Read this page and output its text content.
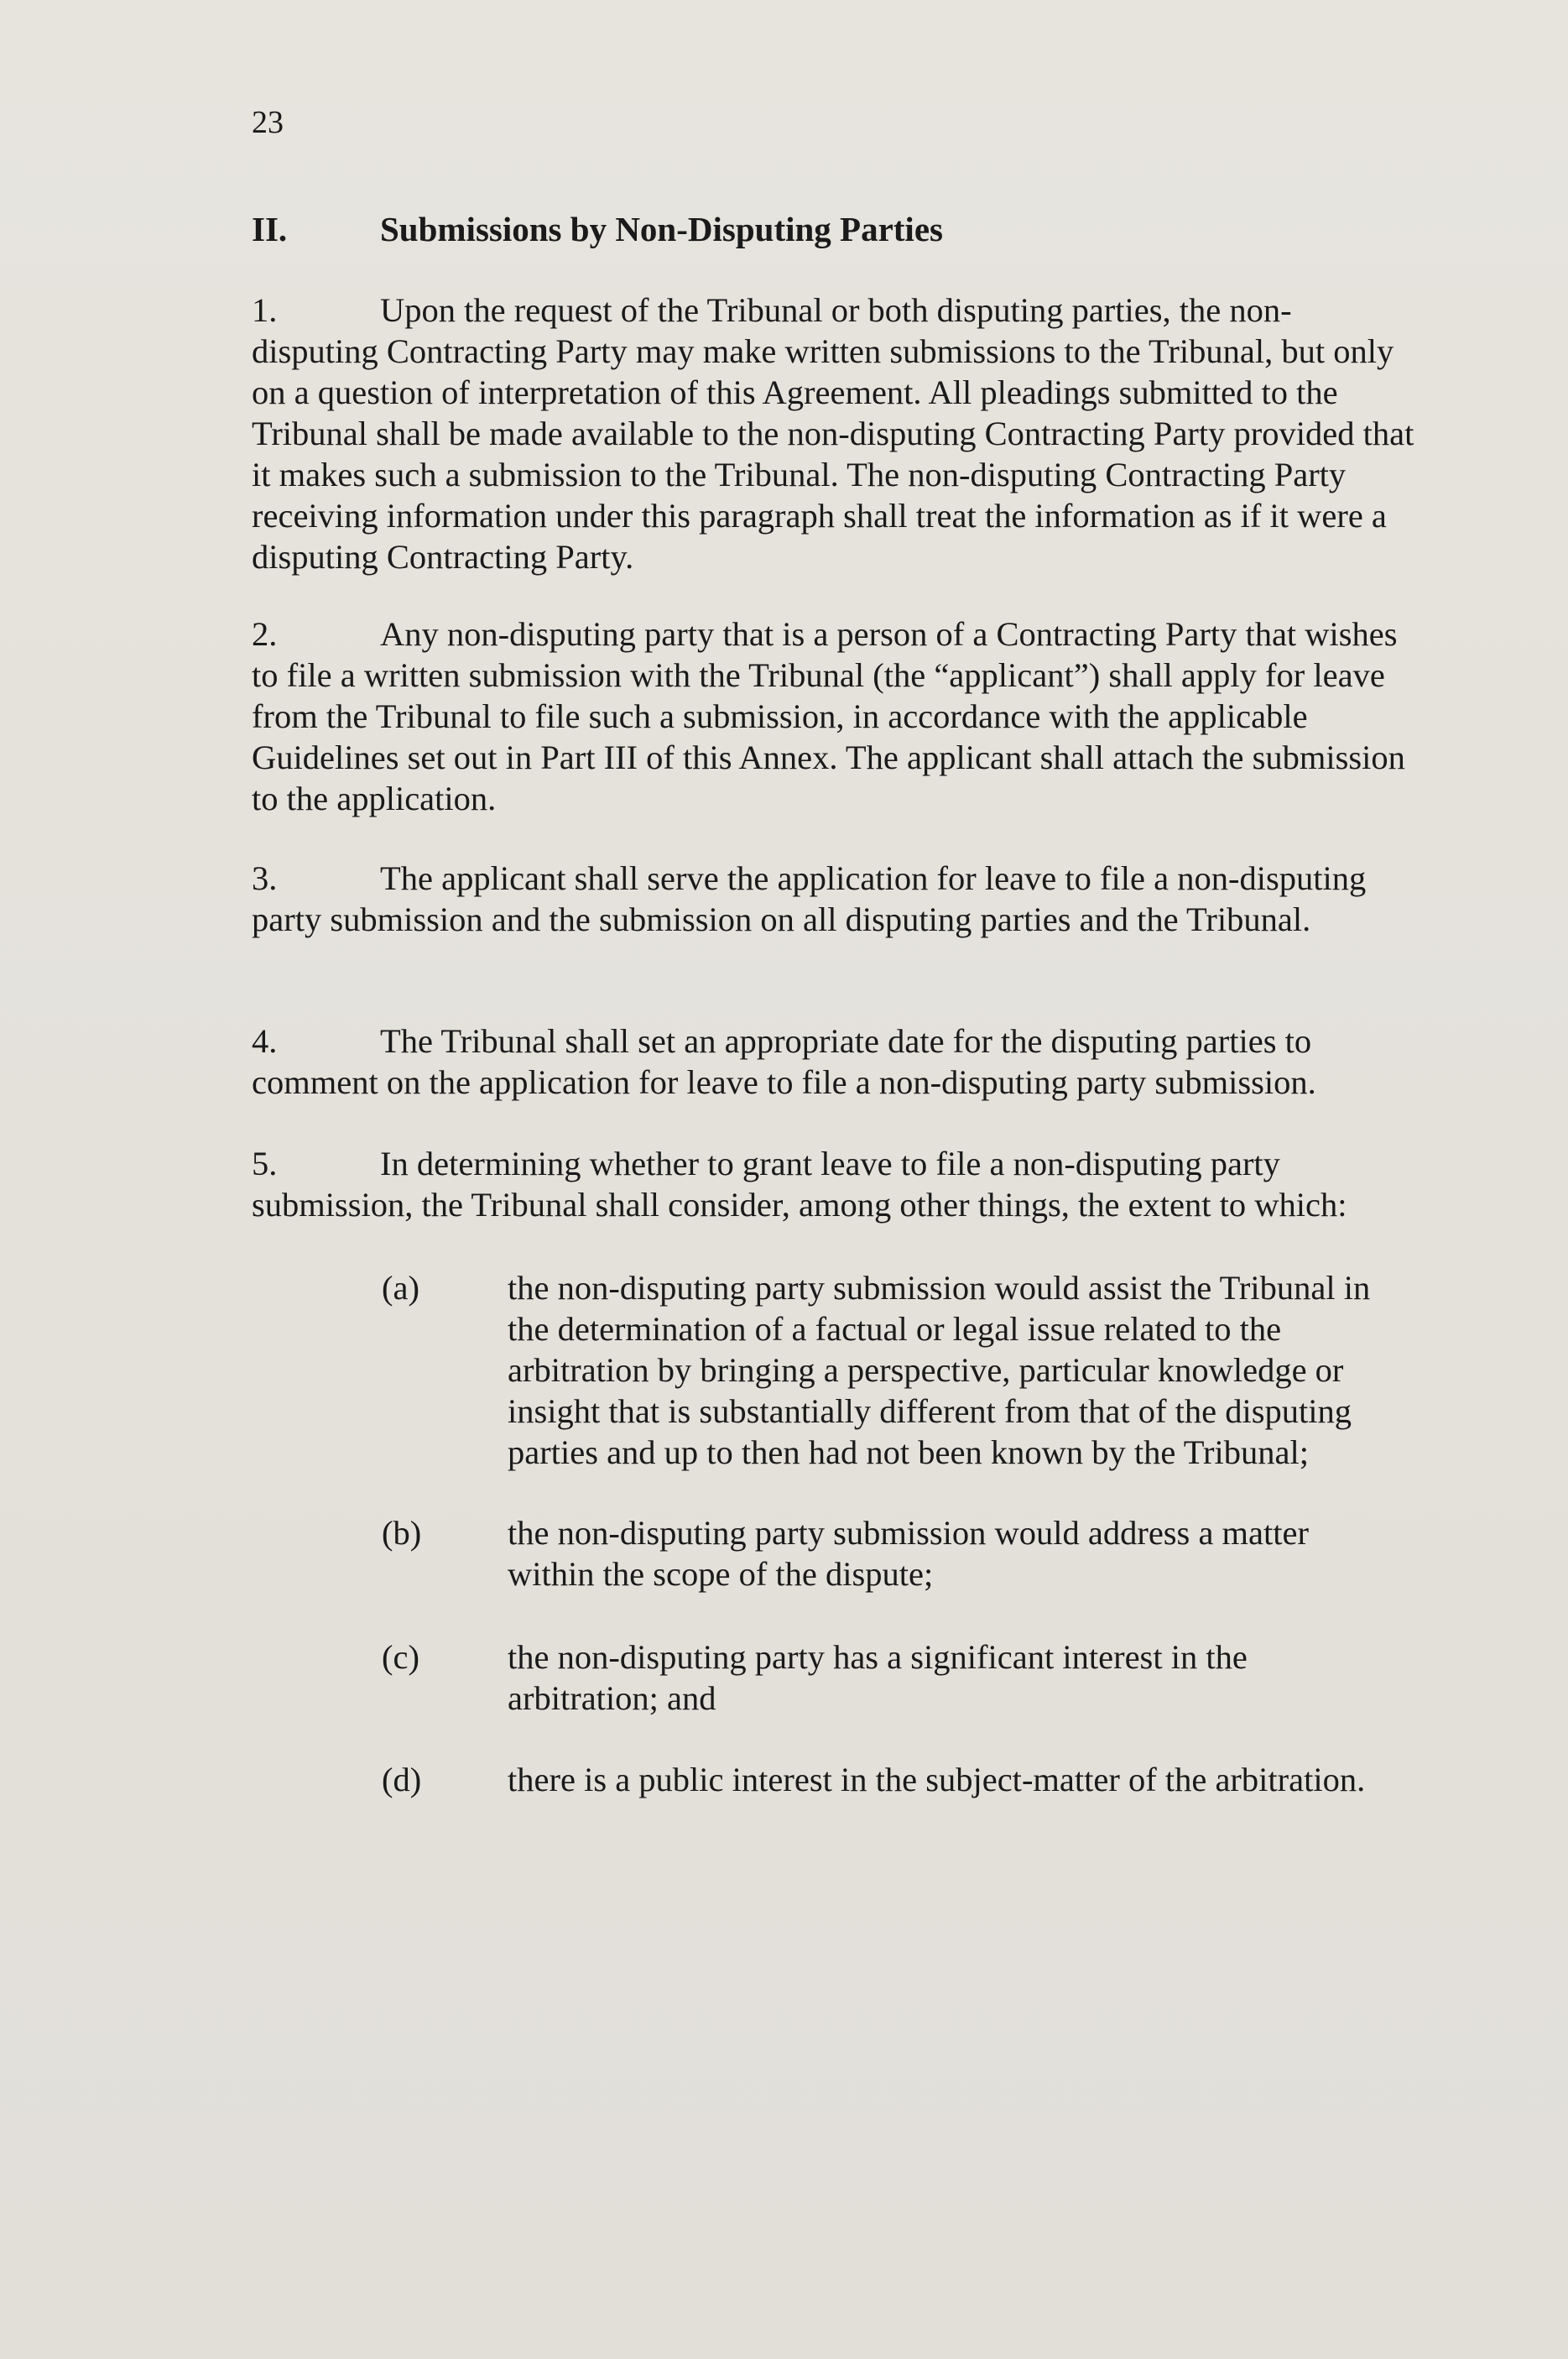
23
II.	Submissions by Non-Disputing Parties
1.	Upon the request of the Tribunal or both disputing parties, the non-disputing Contracting Party may make written submissions to the Tribunal, but only on a question of interpretation of this Agreement. All pleadings submitted to the Tribunal shall be made available to the non-disputing Contracting Party provided that it makes such a submission to the Tribunal. The non-disputing Contracting Party receiving information under this paragraph shall treat the information as if it were a disputing Contracting Party.
2.	Any non-disputing party that is a person of a Contracting Party that wishes to file a written submission with the Tribunal (the “applicant”) shall apply for leave from the Tribunal to file such a submission, in accordance with the applicable Guidelines set out in Part III of this Annex. The applicant shall attach the submission to the application.
3.	The applicant shall serve the application for leave to file a non-disputing party submission and the submission on all disputing parties and the Tribunal.
4.	The Tribunal shall set an appropriate date for the disputing parties to comment on the application for leave to file a non-disputing party submission.
5.	In determining whether to grant leave to file a non-disputing party submission, the Tribunal shall consider, among other things, the extent to which:
(a)	the non-disputing party submission would assist the Tribunal in the determination of a factual or legal issue related to the arbitration by bringing a perspective, particular knowledge or insight that is substantially different from that of the disputing parties and up to then had not been known by the Tribunal;
(b)	the non-disputing party submission would address a matter within the scope of the dispute;
(c)	the non-disputing party has a significant interest in the arbitration; and
(d)	there is a public interest in the subject-matter of the arbitration.
